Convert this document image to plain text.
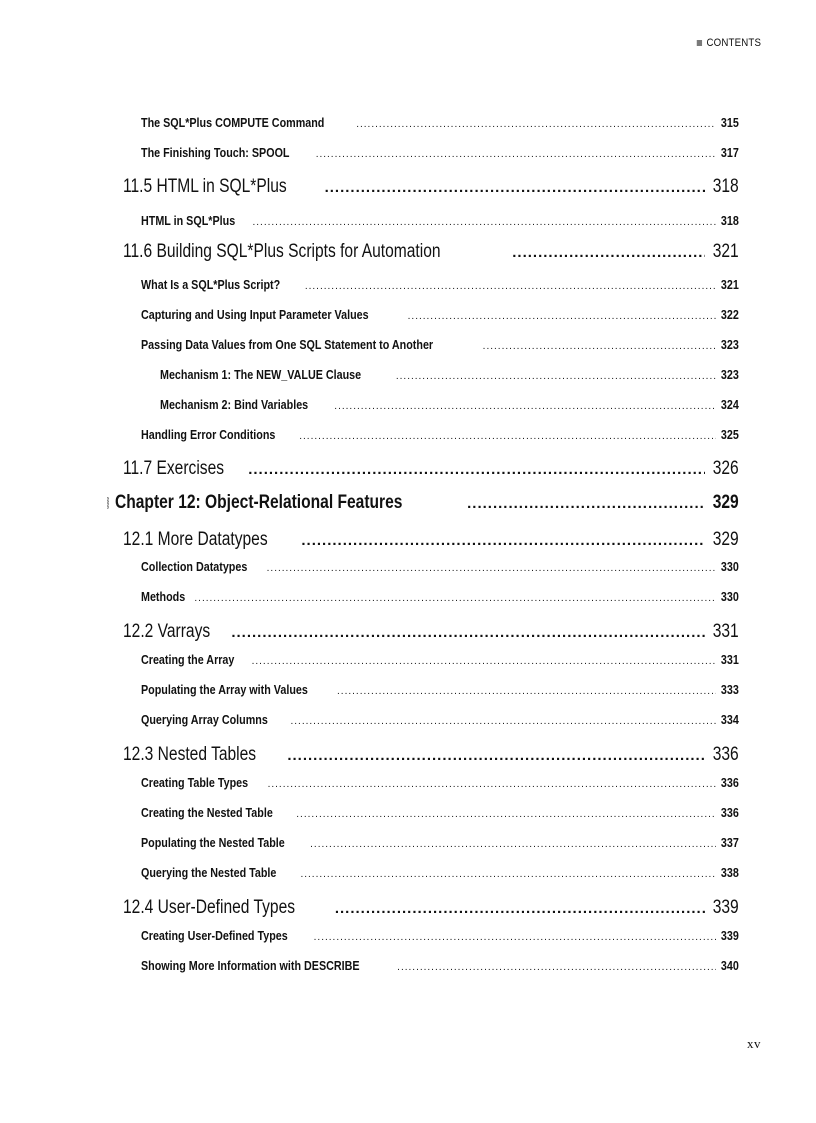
CONTENTS
The SQL*Plus COMPUTE Command .....	315
The Finishing Touch: SPOOL .....	317
11.5 HTML in SQL*Plus .....	318
HTML in SQL*Plus .....	318
11.6 Building SQL*Plus Scripts for Automation .....	321
What Is a SQL*Plus Script? .....	321
Capturing and Using Input Parameter Values .....	322
Passing Data Values from One SQL Statement to Another .....	323
Mechanism 1: The NEW_VALUE Clause .....	323
Mechanism 2: Bind Variables .....	324
Handling Error Conditions .....	325
11.7 Exercises .....	326
Chapter 12: Object-Relational Features .....	329
12.1 More Datatypes .....	329
Collection Datatypes .....	330
Methods .....	330
12.2 Varrays .....	331
Creating the Array .....	331
Populating the Array with Values .....	333
Querying Array Columns .....	334
12.3 Nested Tables .....	336
Creating Table Types .....	336
Creating the Nested Table .....	336
Populating the Nested Table .....	337
Querying the Nested Table .....	338
12.4 User-Defined Types .....	339
Creating User-Defined Types .....	339
Showing More Information with DESCRIBE .....	340
xv
